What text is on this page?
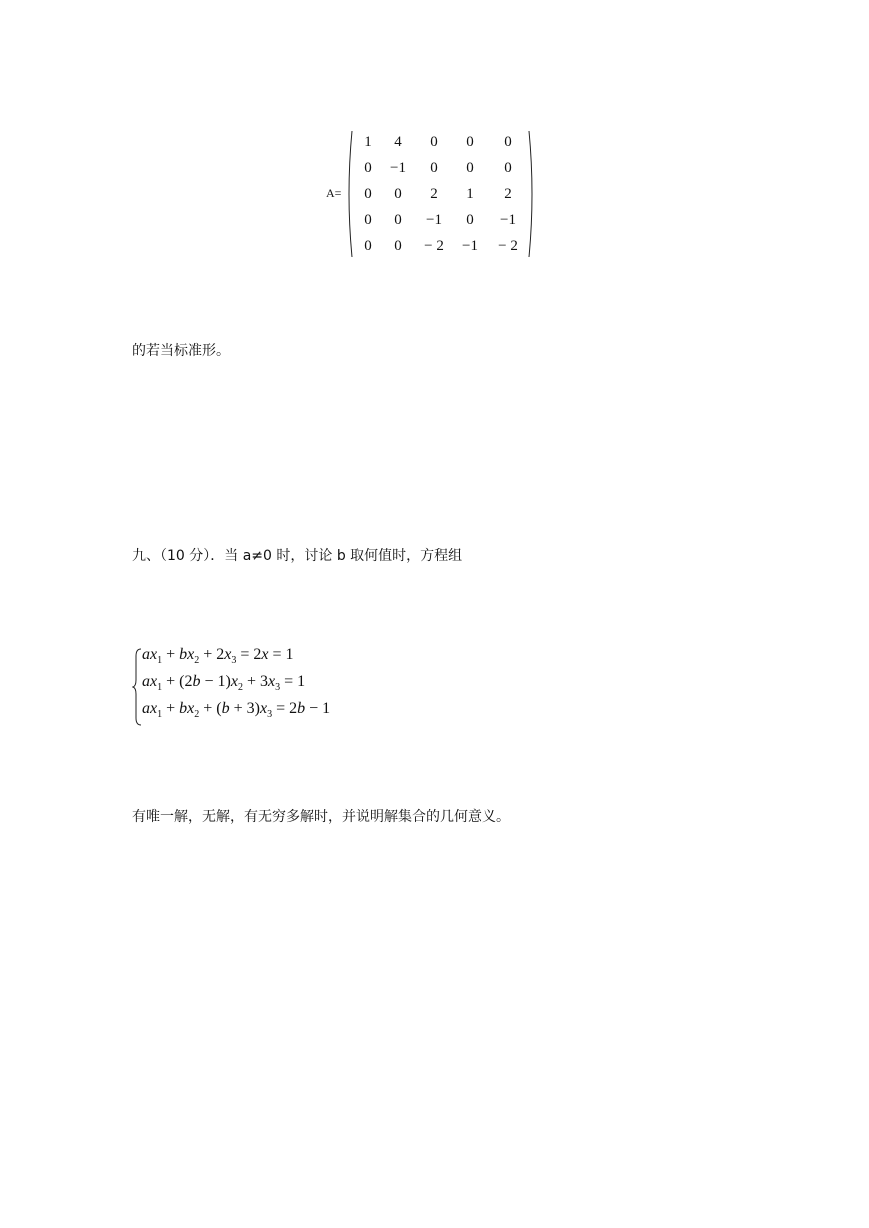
A=
1	4	0	0	0
0	−1	0	0	0
0	0	2	1	2
0	0	−1	0	−1
0	0	− 2	−1	− 2
的若当标准形。
九、（10 分）．当 a≠0 时，讨论 b 取何值时，方程组
$ax_1 + bx_2 + 2x_3 = 2x = 1$
$ax_1 + (2b - 1)x_2 + 3x_3 = 1$
$ax_1 + bx_2 + (b + 3)x_3 = 2b - 1$
有唯一解，无解，有无穷多解时，并说明解集合的几何意义。
